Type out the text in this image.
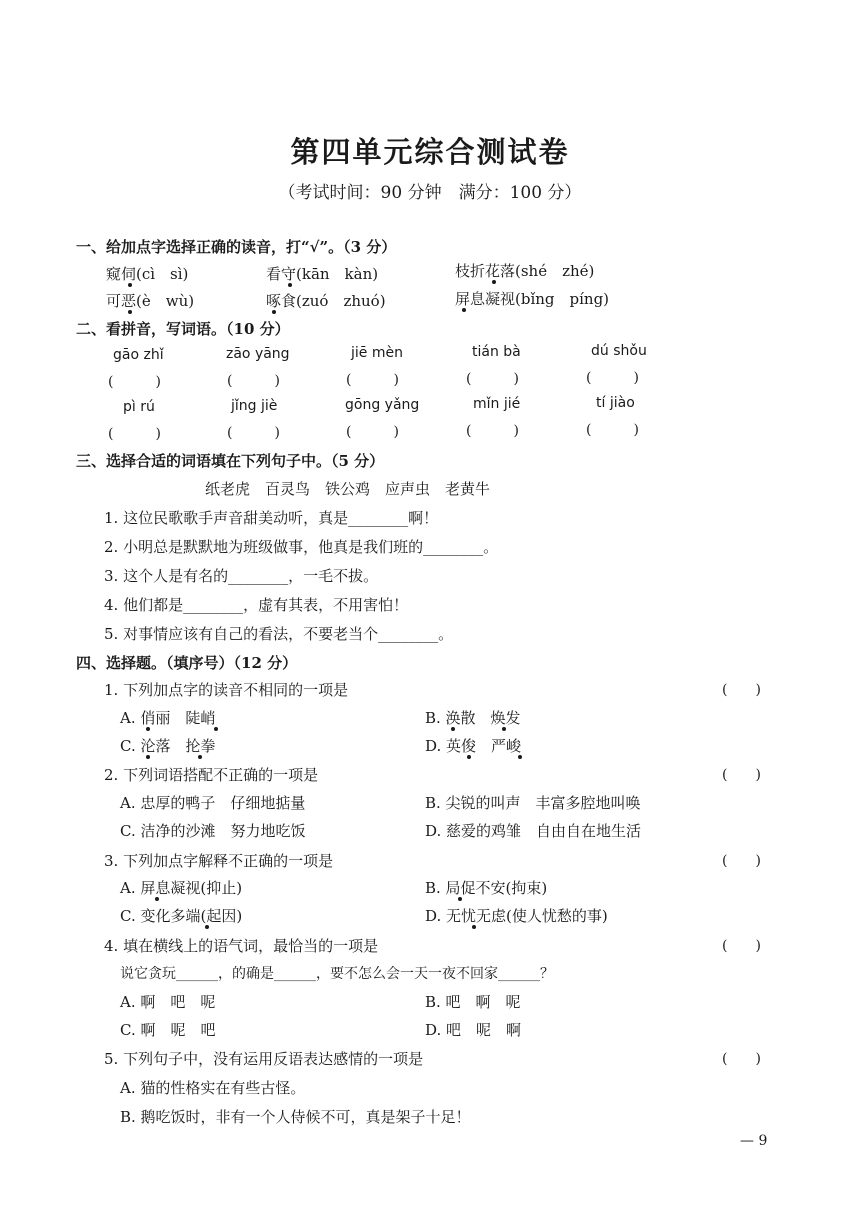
第四单元综合测试卷
（考试时间：90 分钟　满分：100 分）
一、给加点字选择正确的读音，打“√”。（3 分）
窥伺(cì　sì)	看守(kān　kàn)	枝折花落(shé　zhé)
可恶(è　wù)	啄食(zuó　zhuó)	屏息凝视(bǐng　píng)
二、看拼音，写词语。（10 分）
gāo zhǐ	zāo yāng	jiē mèn	tián bà	dú shǒu
(　　　)	(　　　)	(　　　)	(　　　)	(　　　)
pì rú	jǐng jiè	gōng yǎng	mǐn jié	tí jiào
(　　　)	(　　　)	(　　　)	(　　　)	(　　　)
三、选择合适的词语填在下列句子中。（5 分）
纸老虎　百灵鸟　铁公鸡　应声虫　老黄牛
1. 这位民歌歌手声音甜美动听，真是________啊！
2. 小明总是默默地为班级做事，他真是我们班的________。
3. 这个人是有名的________，一毛不拔。
4. 他们都是________，虚有其表，不用害怕！
5. 对事情应该有自己的看法，不要老当个________。
四、选择题。（填序号）（12 分）
1. 下列加点字的读音不相同的一项是	(　　)
A. 俏丽　陡峭	B. 涣散　焕发
C. 沦落　抡拳	D. 英俊　严峻
2. 下列词语搭配不正确的一项是	(　　)
A. 忠厚的鸭子　仔细地掂量	B. 尖锐的叫声　丰富多腔地叫唤
C. 洁净的沙滩　努力地吃饭	D. 慈爱的鸡雏　自由自在地生活
3. 下列加点字解释不正确的一项是	(　　)
A. 屏息凝视(抑止)	B. 局促不安(拘束)
C. 变化多端(起因)	D. 无忧无虑(使人忧愁的事)
4. 填在横线上的语气词，最恰当的一项是	(　　)
说它贪玩______，的确是______，要不怎么会一天一夜不回家______？
A. 啊　吧　呢	B. 吧　啊　呢
C. 啊　呢　吧	D. 吧　呢　啊
5. 下列句子中，没有运用反语表达感情的一项是	(　　)
A. 猫的性格实在有些古怪。
B. 鹅吃饭时，非有一个人侍候不可，真是架子十足！
— 9
